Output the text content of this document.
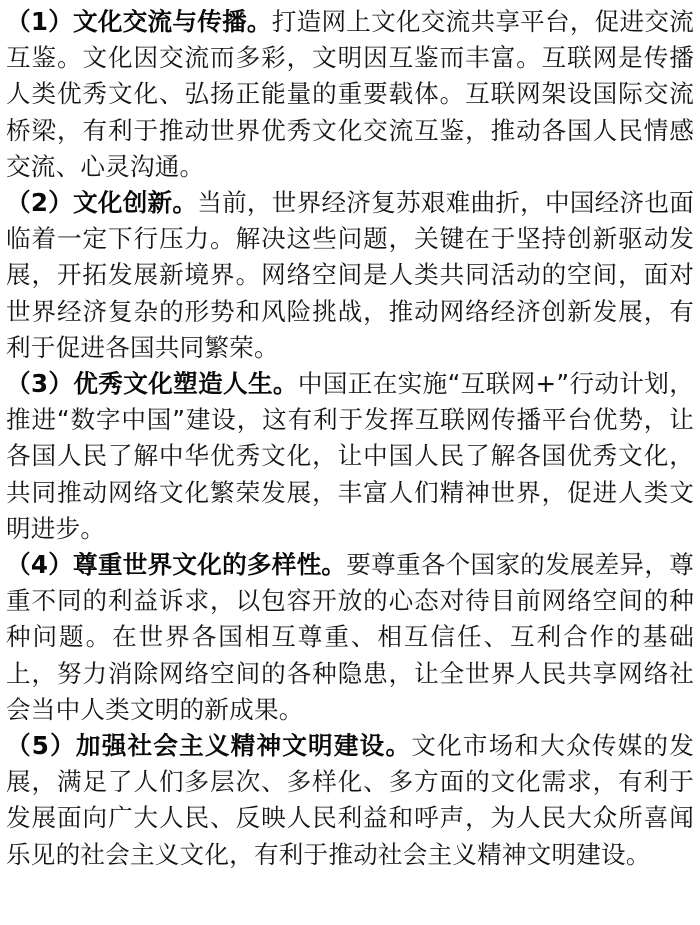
（1）文化交流与传播。打造网上文化交流共享平台，促进交流互鉴。文化因交流而多彩，文明因互鉴而丰富。互联网是传播人类优秀文化、弘扬正能量的重要载体。互联网架设国际交流桥梁，有利于推动世界优秀文化交流互鉴，推动各国人民情感交流、心灵沟通。

（2）文化创新。当前，世界经济复苏艰难曲折，中国经济也面临着一定下行压力。解决这些问题，关键在于坚持创新驱动发展，开拓发展新境界。网络空间是人类共同活动的空间，面对世界经济复杂的形势和风险挑战，推动网络经济创新发展，有利于促进各国共同繁荣。

（3）优秀文化塑造人生。中国正在实施“互联网+”行动计划，推进“数字中国”建设，这有利于发挥互联网传播平台优势，让各国人民了解中华优秀文化，让中国人民了解各国优秀文化，共同推动网络文化繁荣发展，丰富人们精神世界，促进人类文明进步。

（4）尊重世界文化的多样性。要尊重各个国家的发展差异，尊重不同的利益诉求，以包容开放的心态对待目前网络空间的种种问题。在世界各国相互尊重、相互信任、互利合作的基础上，努力消除网络空间的各种隐患，让全世界人民共享网络社会当中人类文明的新成果。

（5）加强社会主义精神文明建设。文化市场和大众传媒的发展，满足了人们多层次、多样化、多方面的文化需求，有利于发展面向广大人民、反映人民利益和呼声，为人民大众所喜闻乐见的社会主义文化，有利于推动社会主义精神文明建设。
